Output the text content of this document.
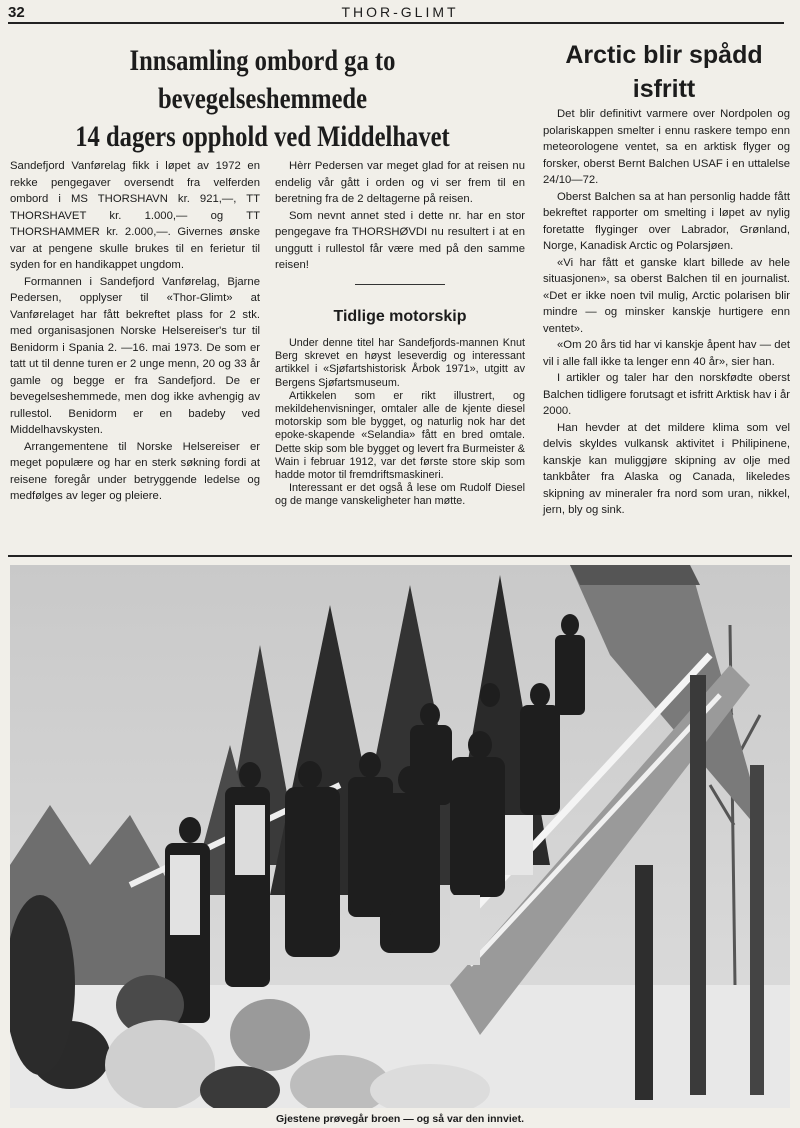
32	THOR-GLIMT
Innsamling ombord ga to bevegelseshemmede
14 dagers opphold ved Middelhavet
Arctic blir spådd
isfritt

Sandefjord Vanførelag fikk i løpet av 1972 en rekke pengegaver oversendt fra velferden ombord i MS THORSHAVN kr. 921,—, TT THORSHAVET kr. 1.000,— og TT THORSHAMMER kr. 2.000,—. Givernes ønske var at pengene skulle brukes til en ferietur til syden for en handikappet ungdom.

Formannen i Sandefjord Vanførelag, Bjarne Pedersen, opplyser til «Thor-Glimt» at Vanførelaget har fått bekreftet plass for 2 stk. med organisasjonen Norske Helsereiser's tur til Benidorm i Spania 2. —16. mai 1973. De som er tatt ut til denne turen er 2 unge menn, 20 og 33 år gamle og begge er fra Sandefjord. De er bevegelseshemmede, men dog ikke avhengig av rullestol. Benidorm er en badeby ved Middelhavskysten.

Arrangementene til Norske Helsereiser er meget populære og har en sterk søkning fordi at reisene foregår under betryggende ledelse og medfølges av leger og pleiere.

Hèrr Pedersen var meget glad for at reisen nu endelig vår gått i orden og vi ser frem til en beretning fra de 2 deltagerne på reisen.

Som nevnt annet sted i dette nr. har en stor pengegave fra THORSHØVDI nu resultert i at en unggutt i rullestol får være med på den samme reisen!

Tidlige motorskip

Under denne titel har Sandefjords-mannen Knut Berg skrevet en høyst leseverdig og interessant artikkel i «Sjøfartshistorisk Årbok 1971», utgitt av Bergens Sjøfartsmuseum.

Artikkelen som er rikt illustrert, og mekildehenvisninger, omtaler alle de kjente diesel motorskip som ble bygget, og naturlig nok har det epoke-skapende «Selandia» fått en bred omtale. Dette skip som ble bygget og levert fra Burmeister & Wain i februar 1912, var det første store skip som hadde motor til fremdriftsmaskineri.

Interessant er det også å lese om Rudolf Diesel og de mange vanskeligheter han møtte.

Det blir definitivt varmere over Nordpolen og polariskappen smelter i ennu raskere tempo enn meteorologene ventet, sa en arktisk flyger og forsker, oberst Bernt Balchen USAF i en uttalelse 24/10—72.

Oberst Balchen sa at han personlig hadde fått bekreftet rapporter om smelting i løpet av nylig foretatte flyginger over Labrador, Grønland, Norge, Kanadisk Arctic og Polarsjøen.

«Vi har fått et ganske klart billede av hele situasjonen», sa oberst Balchen til en journalist. «Det er ikke noen tvil mulig, Arctic polarisen blir mindre — og minsker kanskje hurtigere enn ventet».

«Om 20 års tid har vi kanskje åpent hav — det vil i alle fall ikke ta lenger enn 40 år», sier han.

I artikler og taler har den norskfødte oberst Balchen tidligere forutsagt et isfritt Arktisk hav i år 2000.

Han hevder at det mildere klima som vel delvis skyldes vulkansk aktivitet i Philipinene, kanskje kan muliggjøre skipning av olje med tankbåter fra Alaska og Canada, likeledes skipning av mineraler fra nord som uran, nikkel, jern, bly og sink.

Gjestene prøvegår broen — og så var den innviet.
